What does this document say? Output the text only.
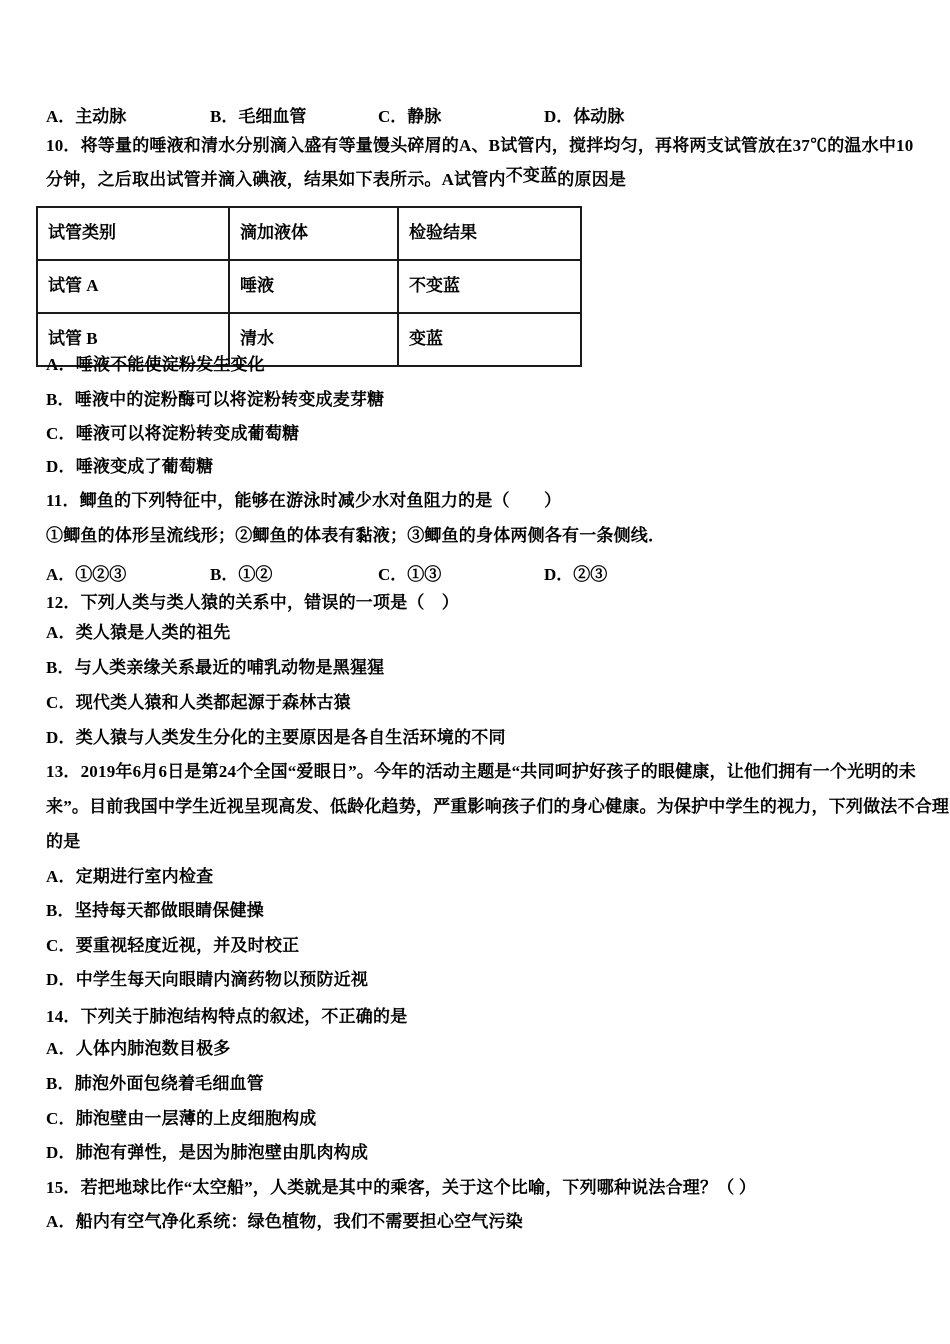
A．主动脉	B．毛细血管	C．静脉	D．体动脉
10．将等量的唾液和清水分别滴入盛有等量馒头碎屑的A、B试管内，搅拌均匀，再将两支试管放在37℃的温水中10
分钟，之后取出试管并滴入碘液，结果如下表所示。A试管内不变蓝的原因是
试管类别	滴加液体	检验结果
试管 A	唾液	不变蓝
试管 B	清水	变蓝
A．唾液不能使淀粉发生变化
B．唾液中的淀粉酶可以将淀粉转变成麦芽糖
C．唾液可以将淀粉转变成葡萄糖
D．唾液变成了葡萄糖
11．鲫鱼的下列特征中，能够在游泳时减少水对鱼阻力的是（　　）
①鲫鱼的体形呈流线形；②鲫鱼的体表有黏液；③鲫鱼的身体两侧各有一条侧线．
A．①②③	B．①②	C．①③	D．②③
12．下列人类与类人猿的关系中，错误的一项是（　）
A．类人猿是人类的祖先
B．与人类亲缘关系最近的哺乳动物是黑猩猩
C．现代类人猿和人类都起源于森林古猿
D．类人猿与人类发生分化的主要原因是各自生活环境的不同
13．2019年6月6日是第24个全国“爱眼日”。今年的活动主题是“共同呵护好孩子的眼健康，让他们拥有一个光明的未
来”。目前我国中学生近视呈现高发、低龄化趋势，严重影响孩子们的身心健康。为保护中学生的视力，下列做法不合理
的是
A．定期进行室内检查
B．坚持每天都做眼睛保健操
C．要重视轻度近视，并及时校正
D．中学生每天向眼睛内滴药物以预防近视
14．下列关于肺泡结构特点的叙述，不正确的是
A．人体内肺泡数目极多
B．肺泡外面包绕着毛细血管
C．肺泡壁由一层薄的上皮细胞构成
D．肺泡有弹性，是因为肺泡壁由肌肉构成
15．若把地球比作“太空船”，人类就是其中的乘客，关于这个比喻，下列哪种说法合理？（ ）
A．船内有空气净化系统：绿色植物，我们不需要担心空气污染
